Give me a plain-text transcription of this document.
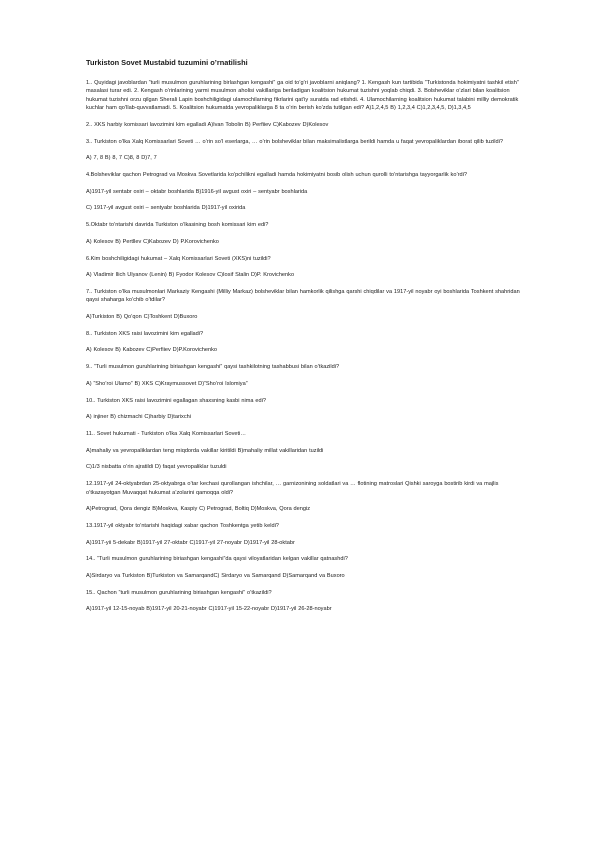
Turkiston Sovet Mustabid tuzumini o’rnatilishi

1.. Quyidagi javoblardan “turli musulmon guruhlarining birlashgan kengashi” ga oid to’g’ri javoblarni aniqlang? 1. Kengash kun tartibida “Turkistonda hokimiyatni tashkil etish” masalasi turar edi. 2. Kengash o’rinlarining yarmi musulmon aholisi vakillariga beriladigan koalitsion hukumat tuzishni yoqlab chiqdi. 3. Bolsheviklar o’zlari bilan koalitsion hukumat tuzishni orzu qilgan Sherali Lapin boshchiligidagi ulamochilarning fikrlarini qat’iy suratda rad etishdi. 4. Ulamochilarning koalitsion hukumat talabini milliy demokratik kuchlar ham qo’llab-quvvatlamadi. 5. Koalitsion hukumatda yevropaliklarga 8 ta o’rin berish ko’zda tutilgan edi? A)1,2,4,5 B) 1,2,3,4 C)1,2,3,4,5, D)1,3,4,5

2.. XKS harbiy komissari lavozimini kim egalladi A)Ivan Tobolin B) Perfiiev C)Kabozev D)Kolesov

3.. Turkiston o’lka Xalq Komissarlari Soveti … o’rin so’l eserlarga, … o’rin bolsheviklar bilan maksimalistlarga berildi hamda u faqat yevropaliklardan iborat qilib tuzildi?

A) 7, 8 B) 8, 7 C)8, 8 D)7, 7

4.Bolsheviklar qachon Petrograd va Moskva Sovetlarida ko’pchilikni egalladi hamda hokimiyatni bosib olish uchun qurolli to’ntarishga tayyorgarlik ko’rdi?

A)1917-yil sentabr oxiri – oktabr boshlarida B)1916-yil avgust oxiri – sentyabr boshlarida

C) 1917-yil avgust oxiri – sentyabr boshlarida D)1917-yil oxirida

5.Oktabr to’ntarishi davrida Turkiston o’lkasining bosh komissari kim edi?

A) Kolesov B) Pertllev C)Kabozev D) P.Korovichenko

6.Kim boshchiligidagi hukumat – Xalq Komissarlari Soveti (XKS)ni tuzildi?

A) Vladimir Ilich Ulyanov (Lenin) B) Fyodor Kolesov C)Iosif Stalin D)P. Krovichenko

7.. Turkiston o’lka musulmonlari Markaziy Kengashi (Milliy Markaz) bolsheviklar bilan hamkorlik qilishga qarshi chiqdilar va 1917-yil noyabr oyi boshlarida Toshkent shahridan qaysi shaharga ko’chib o’tdilar?

A)Turkiston B) Qo’qon C)Toshkent D)Buxoro

8.. Turkiston XKS raisi lavozimini kim egalladi?

A) Kolesov B) Kabozev C)Perfiiev D)P.Korovichenko

9.. “Turli musulmon guruhlarining biriashgan kengashi” qaysi tashkilotning tashabbusi bilan o’tkazildi?

A) “Sho’roi Ulamo” B) XKS C)Kraymussovet D)“Sho’roi Islomiya”

10.. Turkiston XKS raisi lavozimini egallagan shaxsning kasbi nima edi?

A) injiner B) chizmachi C)harbiy D)tarixchi

11.. Sovet hukumati - Turkiston o’lka Xalq Komissarlari Soveti…

A)mahaliy va yevropaliklardan teng miqdorda vakillar kiritildi B)mahaliy millat vakillaridan tuzildi

C)1/3 nisbatta o’rin ajratildi D) faqat yevropaliklar tuzuldi

12.1917-yil 24-oktyabrdan 25-oktyabrga o’tar kechasi qurollangan ishchilar, … garnizonining soldatlari va … flotining matroslari Qishki saroyga bostirib kirdi va majlis o’tkazayotgan Muvaqqat hukumat a’zolarini qamoqqa oldi?

A)Petrograd, Qora dengiz B)Moskva, Kaspiy C) Petrograd, Boltiq D)Moskva, Qora dengiz

13.1917-yil oktyabr to’ntarishi haqidagi xabar qachon Toshkentga yetib keldi?

A)1917-yii 5-dekabr B)1917-yil 27-oktabr C)1917-yil 27-noyabr D)1917-yil 28-oktabr

14.. “Turli musulmon guruhlarining biriashgan kengashi”da qaysi viloyatlaridan kelgan vakillar qatnashdi?

A)Sirdaryo va Turkiston B)Turkiston va SamarqandC) Sirdaryo va Samarqand D)Samarqand va Buxoro

15.. Qachon “turli musulmon guruhlarining biriashgan kengashi” o’tkazildi?

A)1917-yil 12-15-noyab B)1917-yil 20-21-noyabr C)1917-yil 15-22-noyabr D)1917-yil 26-28-noyabr
